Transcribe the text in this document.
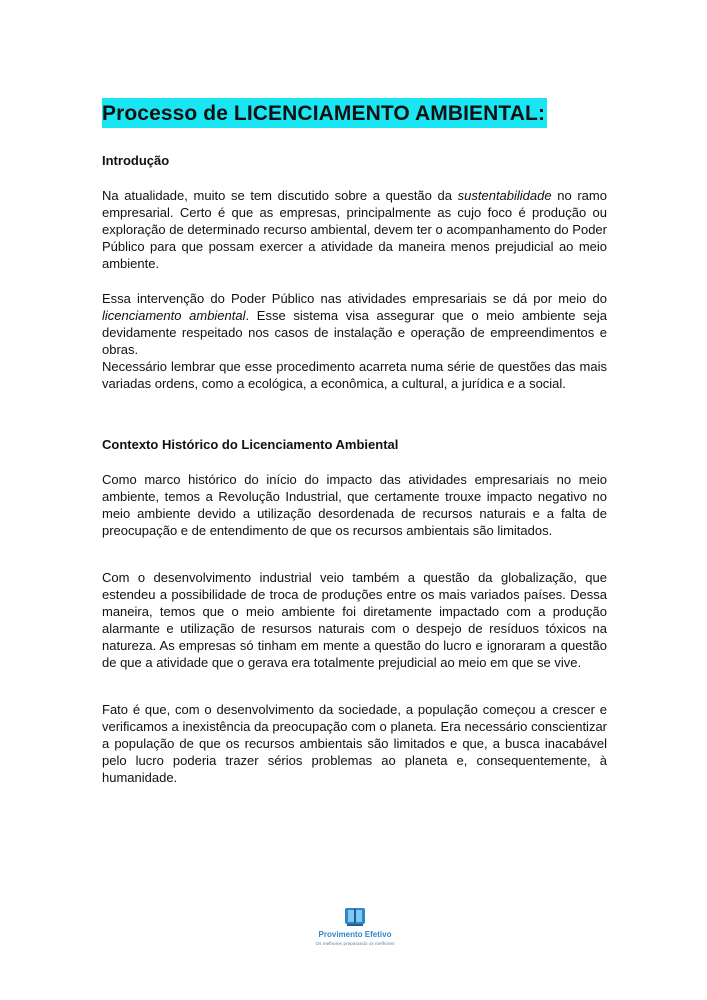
Processo de LICENCIAMENTO AMBIENTAL:
Introdução

Na atualidade, muito se tem discutido sobre a questão da sustentabilidade no ramo empresarial. Certo é que as empresas, principalmente as cujo foco é produção ou exploração de determinado recurso ambiental, devem ter o acompanhamento do Poder Público para que possam exercer a atividade da maneira menos prejudicial ao meio ambiente.

Essa intervenção do Poder Público nas atividades empresariais se dá por meio do licenciamento ambiental. Esse sistema visa assegurar que o meio ambiente seja devidamente respeitado nos casos de instalação e operação de empreendimentos e obras.

Necessário lembrar que esse procedimento acarreta numa série de questões das mais variadas ordens, como a ecológica, a econômica, a cultural, a jurídica e a social.

Contexto Histórico do Licenciamento Ambiental

Como marco histórico do início do impacto das atividades empresariais no meio ambiente, temos a Revolução Industrial, que certamente trouxe impacto negativo no meio ambiente devido a utilização desordenada de recursos naturais e a falta de preocupação e de entendimento de que os recursos ambientais são limitados.

Com o desenvolvimento industrial veio também a questão da globalização, que estendeu a possibilidade de troca de produções entre os mais variados países. Dessa maneira, temos que o meio ambiente foi diretamente impactado com a produção alarmante e utilização de resursos naturais com o despejo de resíduos tóxicos na natureza. As empresas só tinham em mente a questão do lucro e ignoraram a questão de que a atividade que o gerava era totalmente prejudicial ao meio em que se vive.

Fato é que, com o desenvolvimento da sociedade, a população começou a crescer e verificamos a inexistência da preocupação com o planeta. Era necessário conscientizar a população de que os recursos ambientais são limitados e que, a busca inacabável pelo lucro poderia trazer sérios problemas ao planeta e, consequentemente, à humanidade.

Provimento Efetivo
Os melhores preparando os melhores
